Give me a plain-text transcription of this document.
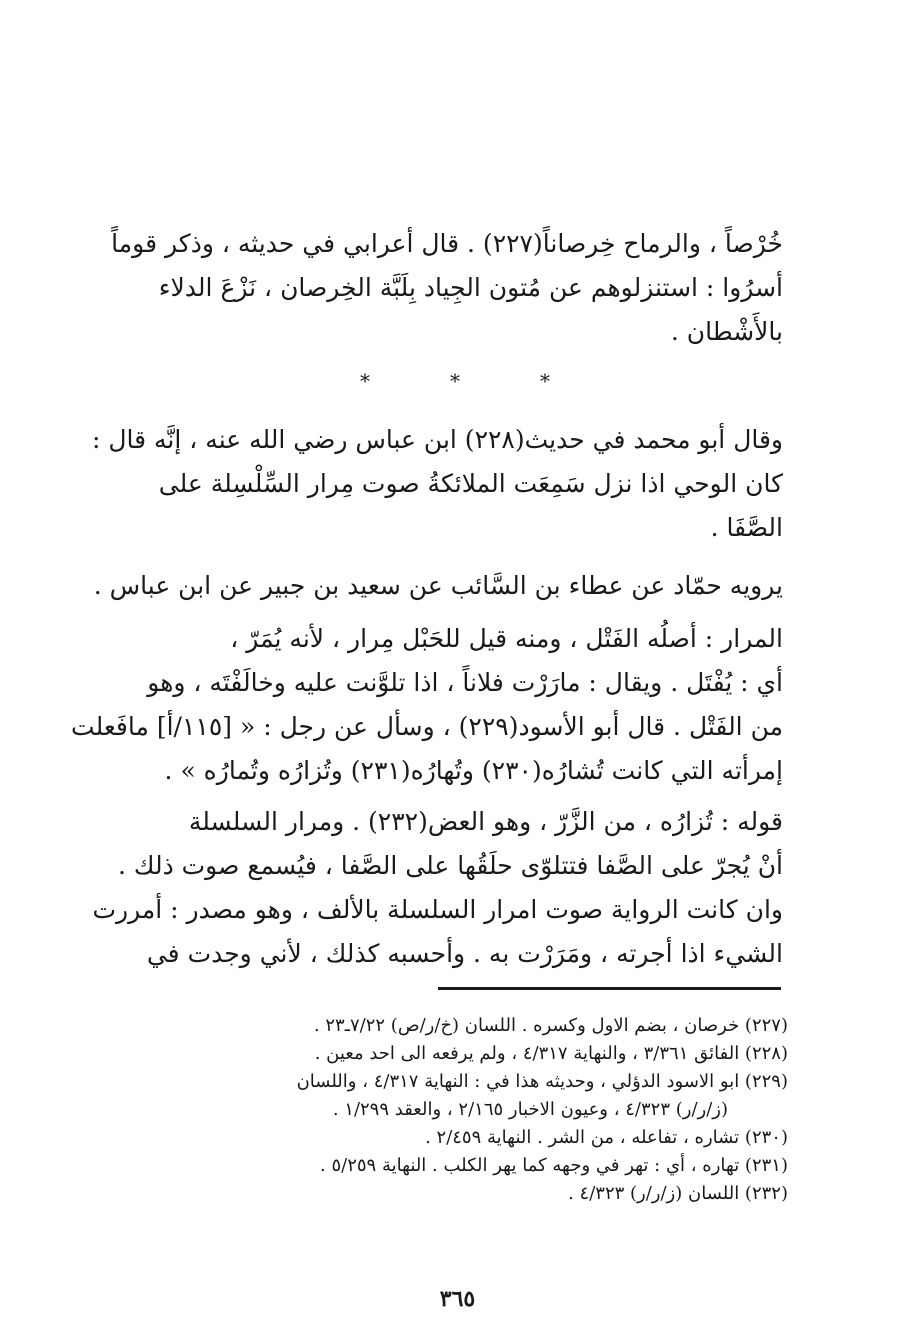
خُرْصاً ، والرماح خِرصاناً(٢٢٧) . قال أعرابي في حديثه ، وذكر قوماً
أسرُوا : استنزلوهم عن مُتون الجِياد بِلَبَّة الخِرصان ، نَزْعَ الدلاء
بالأَشْطان .
*	*	*
وقال أبو محمد في حديث(٢٢٨) ابن عباس رضي الله عنه ، إنَّه قال :
كان الوحي اذا نزل سَمِعَت الملائكةُ صوت مِرار السِّلْسِلة على
الصَّفَا .
يرويه حمّاد عن عطاء بن السَّائب عن سعيد بن جبير عن ابن عباس .
المرار : أصلُه الفَتْل ، ومنه قيل للحَبْل مِرار ، لأنه يُمَرّ ،
أي : يُفْتَل . ويقال : مارَرْت فلاناً ، اذا تلوَّنت عليه وخالَفْتَه ، وهو
من الفَتْل . قال أبو الأسود(٢٢٩) ، وسأل عن رجل : « [١١٥/أ] مافَعلت
إمرأته التي كانت تُشارُه(٢٣٠) وتُهارُه(٢٣١) وتُزارُه وتُمارُه » .
قوله : تُزارُه ، من الزَّرّ ، وهو العض(٢٣٢) . ومرار السلسلة
أنْ يُجرّ على الصَّفا فتتلوّى حلَقُها على الصَّفا ، فيُسمع صوت ذلك .
وان كانت الرواية صوت امرار السلسلة بالألف ، وهو مصدر : أمررت
الشيء اذا أجرته ، ومَرَرْت به . وأحسبه كذلك ، لأني وجدت في
(٢٢٧) خرصان ، بضم الاول وكسره . اللسان (خ/ر/ص) ٧/٢٢ـ٢٣ .
(٢٢٨) الفائق ٣/٣٦١ ، والنهاية ٤/٣١٧ ، ولم يرفعه الى احد معين .
(٢٢٩) ابو الاسود الدؤلي ، وحديثه هذا في : النهاية ٤/٣١٧ ، واللسان
(ز/ر/ر) ٤/٣٢٣ ، وعيون الاخبار ٢/١٦٥ ، والعقد ١/٢٩٩ .
(٢٣٠) تشاره ، تفاعله ، من الشر . النهاية ٢/٤٥٩ .
(٢٣١) تهاره ، أي : تهر في وجهه كما يهر الكلب . النهاية ٥/٢٥٩ .
(٢٣٢) اللسان (ز/ر/ر) ٤/٣٢٣ .
٣٦٥
